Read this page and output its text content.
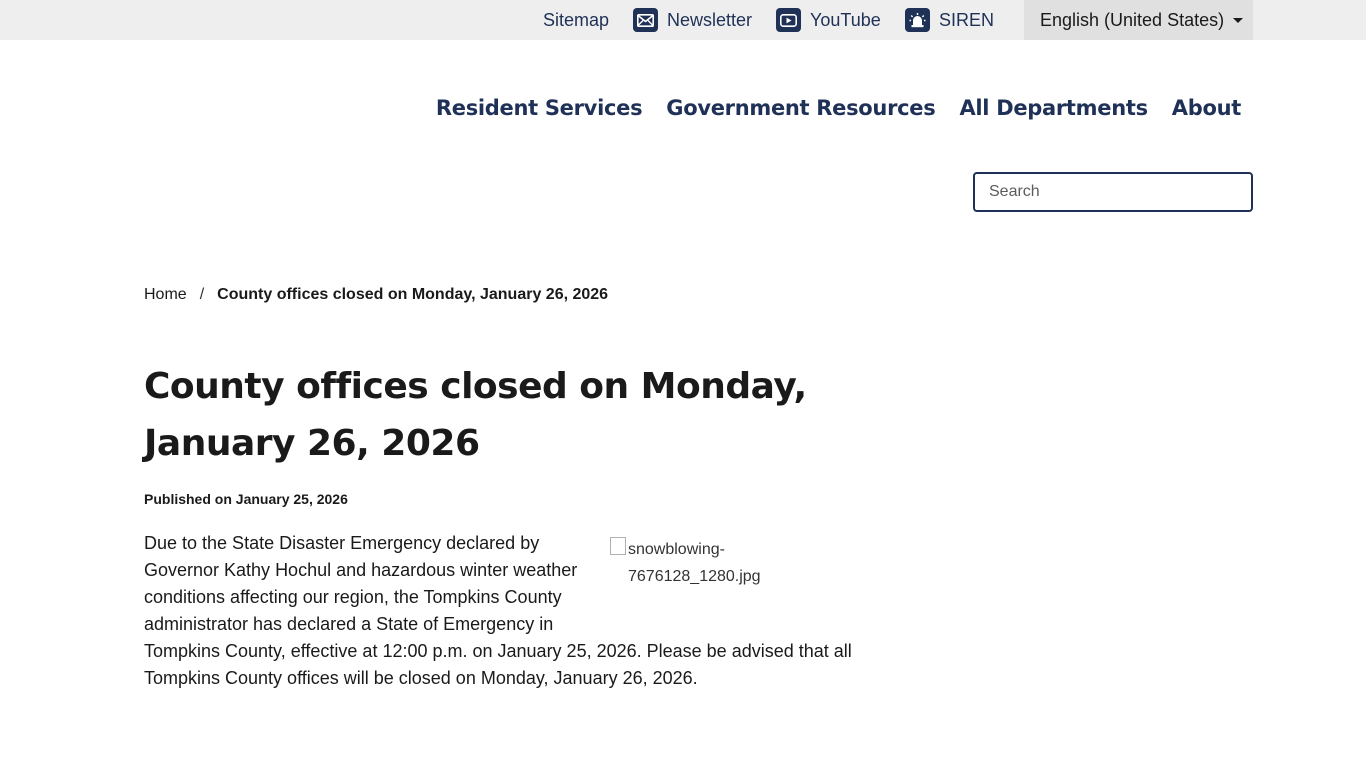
Sitemap	Newsletter	YouTube	SIREN	English (United States)
Resident Services Government Resources All Departments About
Search
Home / County offices closed on Monday, January 26, 2026
County offices closed on Monday, January 26, 2026
Published on January 25, 2026
snowblowing-7676128_1280.jpg
Due to the State Disaster Emergency declared by Governor Kathy Hochul and hazardous winter weather conditions affecting our region, the Tompkins County administrator has declared a State of Emergency in Tompkins County, effective at 12:00 p.m. on January 25, 2026. Please be advised that all Tompkins County offices will be closed on Monday, January 26, 2026.
